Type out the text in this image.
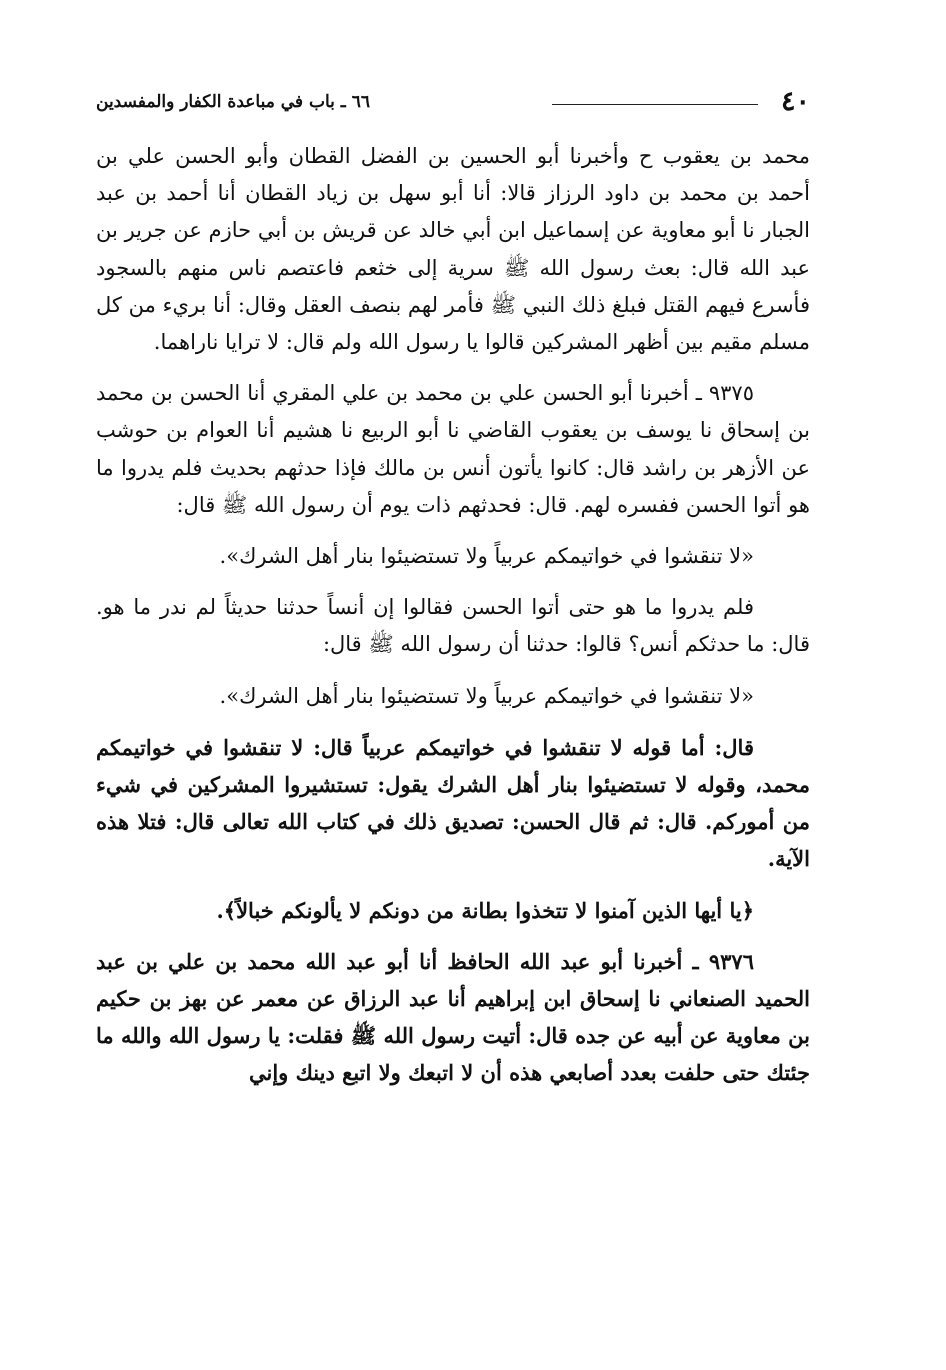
٤٠
٦٦ ـ باب في مباعدة الكفار والمفسدين

محمد بن يعقوب ح وأخبرنا أبو الحسين بن الفضل القطان وأبو الحسن علي بن أحمد بن محمد بن داود الرزاز قالا: أنا أبو سهل بن زياد القطان أنا أحمد بن عبد الجبار نا أبو معاوية عن إسماعيل ابن أبي خالد عن قريش بن أبي حازم عن جرير بن عبد الله قال: بعث رسول الله ﷺ سرية إلى خثعم فاعتصم ناس منهم بالسجود فأسرع فيهم القتل فبلغ ذلك النبي ﷺ فأمر لهم بنصف العقل وقال: أنا بريء من كل مسلم مقيم بين أظهر المشركين قالوا يا رسول الله ولم قال: لا ترايا ناراهما.

٩٣٧٥ ـ أخبرنا أبو الحسن علي بن محمد بن علي المقري أنا الحسن بن محمد بن إسحاق نا يوسف بن يعقوب القاضي نا أبو الربيع نا هشيم أنا العوام بن حوشب عن الأزهر بن راشد قال: كانوا يأتون أنس بن مالك فإذا حدثهم بحديث فلم يدروا ما هو أتوا الحسن ففسره لهم. قال: فحدثهم ذات يوم أن رسول الله ﷺ قال:

«لا تنقشوا في خواتيمكم عربياً ولا تستضيئوا بنار أهل الشرك».

فلم يدروا ما هو حتى أتوا الحسن فقالوا إن أنساً حدثنا حديثاً لم ندر ما هو. قال: ما حدثكم أنس؟ قالوا: حدثنا أن رسول الله ﷺ قال:

«لا تنقشوا في خواتيمكم عربياً ولا تستضيئوا بنار أهل الشرك».

قال: أما قوله لا تنقشوا في خواتيمكم عربياً قال: لا تنقشوا في خواتيمكم محمد، وقوله لا تستضيئوا بنار أهل الشرك يقول: تستشيروا المشركين في شيء من أموركم. قال: ثم قال الحسن: تصديق ذلك في كتاب الله تعالى قال: فتلا هذه الآية.

﴿يا أيها الذين آمنوا لا تتخذوا بطانة من دونكم لا يألونكم خبالاً﴾.

٩٣٧٦ ـ أخبرنا أبو عبد الله الحافظ أنا أبو عبد الله محمد بن علي بن عبد الحميد الصنعاني نا إسحاق ابن إبراهيم أنا عبد الرزاق عن معمر عن بهز بن حكيم بن معاوية عن أبيه عن جده قال: أتيت رسول الله ﷺ فقلت: يا رسول الله والله ما جئتك حتى حلفت بعدد أصابعي هذه أن لا اتبعك ولا اتبع دينك وإني
